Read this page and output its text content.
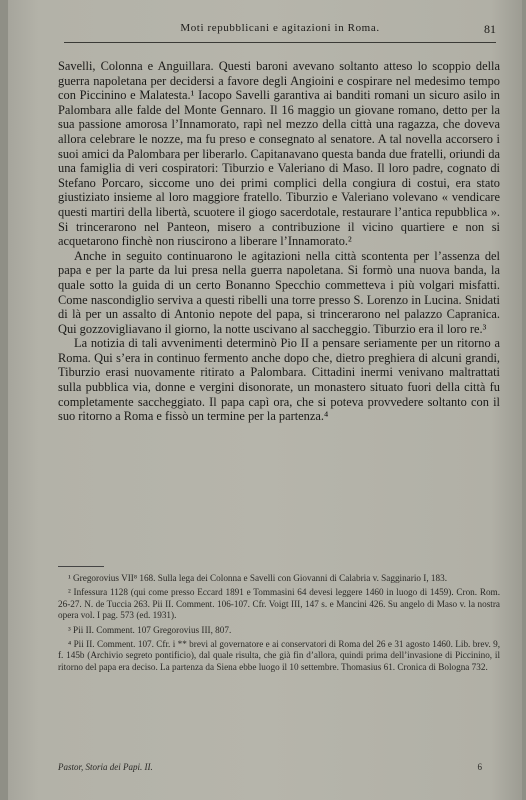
Moti repubblicani e agitazioni in Roma.	81

Savelli, Colonna e Anguillara. Questi baroni avevano soltanto atteso lo scoppio della guerra napoletana per decidersi a favore degli Angioini e cospirare nel medesimo tempo con Piccinino e Malatesta.¹ Iacopo Savelli garantiva ai banditi romani un sicuro asilo in Palombara alle falde del Monte Gennaro. Il 16 maggio un giovane romano, detto per la sua passione amorosa l’Innamorato, rapì nel mezzo della città una ragazza, che doveva allora celebrare le nozze, ma fu preso e consegnato al senatore. A tal novella accorsero i suoi amici da Palombara per liberarlo. Capitanavano questa banda due fratelli, oriundi da una famiglia di veri cospiratori: Tiburzio e Valeriano di Maso. Il loro padre, cognato di Stefano Porcaro, siccome uno dei primi complici della congiura di costui, era stato giustiziato insieme al loro maggiore fratello. Tiburzio e Valeriano volevano « vendicare questi martiri della libertà, scuotere il giogo sacerdotale, restaurare l’antica repubblica ». Si trincerarono nel Panteon, misero a contribuzione il vicino quartiere e non si acquetarono finchè non riuscirono a liberare l’Innamorato.²

Anche in seguito continuarono le agitazioni nella città scontenta per l’assenza del papa e per la parte da lui presa nella guerra napoletana. Si formò una nuova banda, la quale sotto la guida di un certo Bonanno Specchio commetteva i più volgari misfatti. Come nascondiglio serviva a questi ribelli una torre presso S. Lorenzo in Lucina. Snidati di là per un assalto di Antonio nepote del papa, si trincerarono nel palazzo Capranica. Qui gozzovigliavano il giorno, la notte uscivano al saccheggio. Tiburzio era il loro re.³

La notizia di tali avvenimenti determinò Pio II a pensare seriamente per un ritorno a Roma. Qui s’era in continuo fermento anche dopo che, dietro preghiera di alcuni grandi, Tiburzio erasi nuovamente ritirato a Palombara. Cittadini inermi venivano maltrattati sulla pubblica via, donne e vergini disonorate, un monastero situato fuori della città fu completamente saccheggiato. Il papa capì ora, che si poteva provvedere soltanto con il suo ritorno a Roma e fissò un termine per la partenza.⁴

¹ Gregorovius VII⁸ 168. Sulla lega dei Colonna e Savelli con Giovanni di Calabria v. Sagginario I, 183.
² Infessura 1128 (qui come presso Eccard 1891 e Tommasini 64 devesi leggere 1460 in luogo di 1459). Cron. Rom. 26-27. N. de Tuccia 263. Pii II. Comment. 106-107. Cfr. Voigt III, 147 s. e Mancini 426. Su angelo di Maso v. la nostra opera vol. I pag. 573 (ed. 1931).
³ Pii II. Comment. 107 Gregorovius III, 807.
⁴ Pii II. Comment. 107. Cfr. i ** brevi al governatore e ai conservatori di Roma del 26 e 31 agosto 1460. Lib. brev. 9, f. 145b (Archivio segreto pontificio), dal quale risulta, che già fin d’allora, quindi prima dell’invasione di Piccinino, il ritorno del papa era deciso. La partenza da Siena ebbe luogo il 10 settembre. Thomasius 61. Cronica di Bologna 732.
Pastor, Storia dei Papi. II.	6
